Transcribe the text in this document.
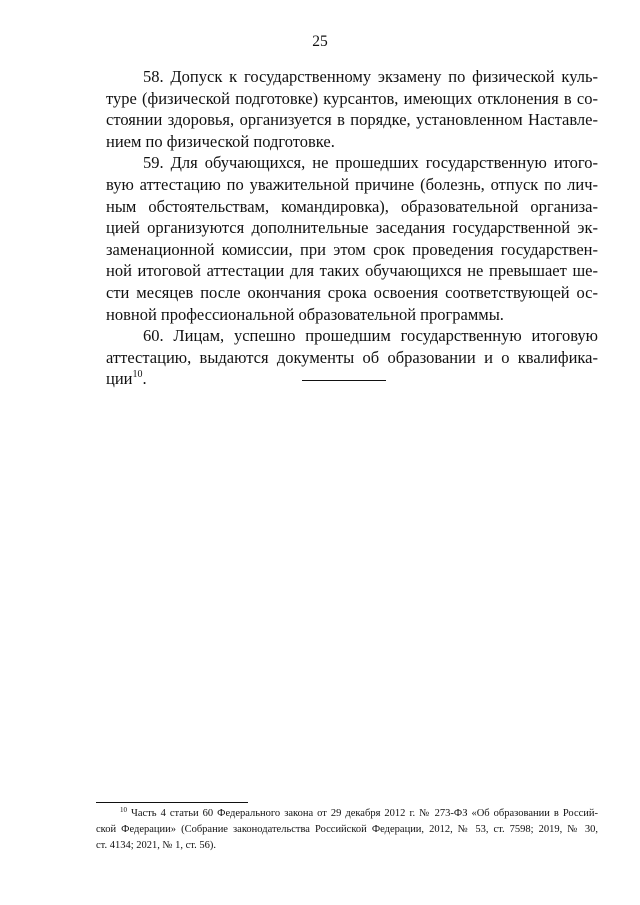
25
58. Допуск к государственному экзамену по физической куль-
туре (физической подготовке) курсантов, имеющих отклонения в со-
стоянии здоровья, организуется в порядке, установленном Наставле-
нием по физической подготовке.
59. Для обучающихся, не прошедших государственную итого-
вую аттестацию по уважительной причине (болезнь, отпуск по лич-
ным обстоятельствам, командировка), образовательной организа-
цией организуются дополнительные заседания государственной эк-
заменационной комиссии, при этом срок проведения государствен-
ной итоговой аттестации для таких обучающихся не превышает ше-
сти месяцев после окончания срока освоения соответствующей ос-
новной профессиональной образовательной программы.
60. Лицам, успешно прошедшим государственную итоговую
аттестацию, выдаются документы об образовании и о квалифика-
ции$^{10}$.
$^{10}$ Часть 4 статьи 60 Федерального закона от 29 декабря 2012 г. № 273-ФЗ «Об образовании в Россий-
ской Федерации» (Собрание законодательства Российской Федерации, 2012, № 53, ст. 7598; 2019, № 30,
ст. 4134; 2021, № 1, ст. 56).
